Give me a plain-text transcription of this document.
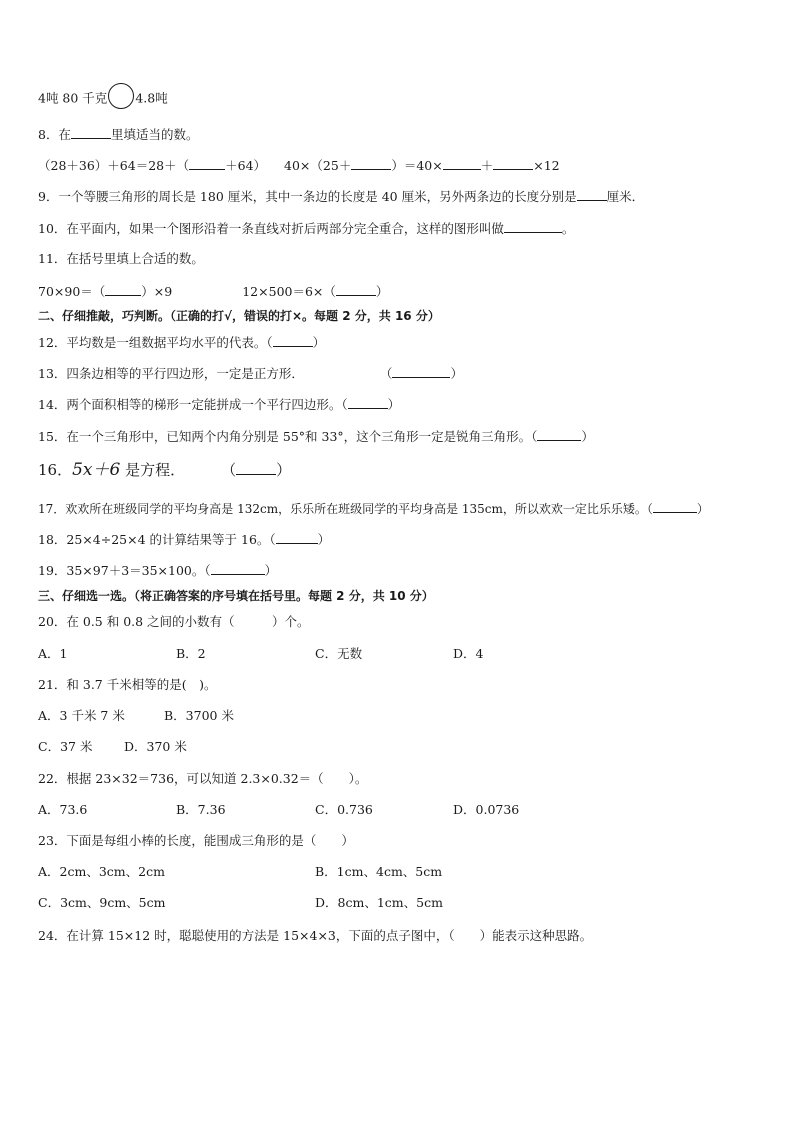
4吨 80 千克 4.8吨
8．在	里填适当的数。
（28＋36）＋64＝28＋（	＋64） 40×（25＋	）＝40×	＋	×12
9．一个等腰三角形的周长是 180 厘米，其中一条边的长度是 40 厘米，另外两条边的长度分别是 厘米．
10．在平面内，如果一个图形沿着一条直线对折后两部分完全重合，这样的图形叫做	。
11．在括号里填上合适的数。
70×90＝（	）×9	12×500＝6×（	）
二、仔细推敲，巧判断。（正确的打√，错误的打×。每题 2 分，共 16 分）
12．平均数是一组数据平均水平的代表。（	）
13．四条边相等的平行四边形，一定是正方形．	（	）
14．两个面积相等的梯形一定能拼成一个平行四边形。（	）
15．在一个三角形中，已知两个内角分别是 55°和 33°，这个三角形一定是锐角三角形。（	）
16．5x＋6 是方程． （	）
17．欢欢所在班级同学的平均身高是 132cm，乐乐所在班级同学的平均身高是 135cm，所以欢欢一定比乐乐矮。（	）
18．25×4÷25×4 的计算结果等于 16。（	）
19．35×97＋3＝35×100。（	）
三、仔细选一选。（将正确答案的序号填在括号里。每题 2 分，共 10 分）
20．在 0.5 和 0.8 之间的小数有（　　　）个。
A．1	B．2	C．无数	D．4
21．和 3.7 千米相等的是(　)。
A．3 千米 7 米	B．3700 米
C．37 米	D．370 米
22．根据 23×32＝736，可以知道 2.3×0.32＝（　　）。
A．73.6	B．7.36	C．0.736	D．0.0736
23．下面是每组小棒的长度，能围成三角形的是（　　）
A．2cm、3cm、2cm	B．1cm、4cm、5cm
C．3cm、9cm、5cm	D．8cm、1cm、5cm
24．在计算 15×12 时，聪聪使用的方法是 15×4×3，下面的点子图中，（　　）能表示这种思路。
